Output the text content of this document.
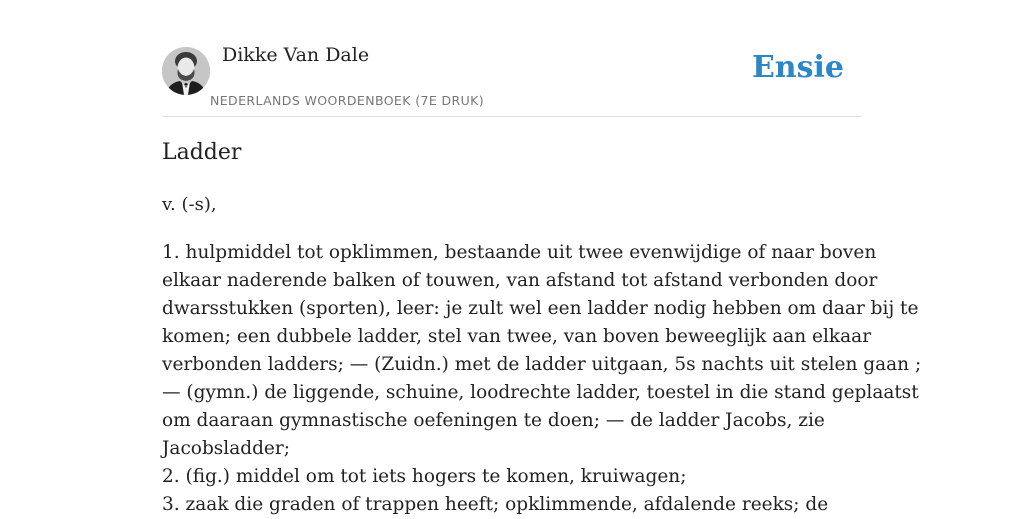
Dikke Van Dale
NEDERLANDS WOORDENBOEK (7E DRUK)
Ensie
Ladder
v. (-s),
1. hulpmiddel tot opklimmen, bestaande uit twee evenwijdige of naar boven
elkaar naderende balken of touwen, van afstand tot afstand verbonden door
dwarsstukken (sporten), leer: je zult wel een ladder nodig hebben om daar bij te
komen; een dubbele ladder, stel van twee, van boven beweeglijk aan elkaar
verbonden ladders; — (Zuidn.) met de ladder uitgaan, 5s nachts uit stelen gaan ;
— (gymn.) de liggende, schuine, loodrechte ladder, toestel in die stand geplaatst
om daaraan gymnastische oefeningen te doen; — de ladder Jacobs, zie
Jacobsladder;
2. (fig.) middel om tot iets hogers te komen, kruiwagen;
3. zaak die graden of trappen heeft; opklimmende, afdalende reeks; de
